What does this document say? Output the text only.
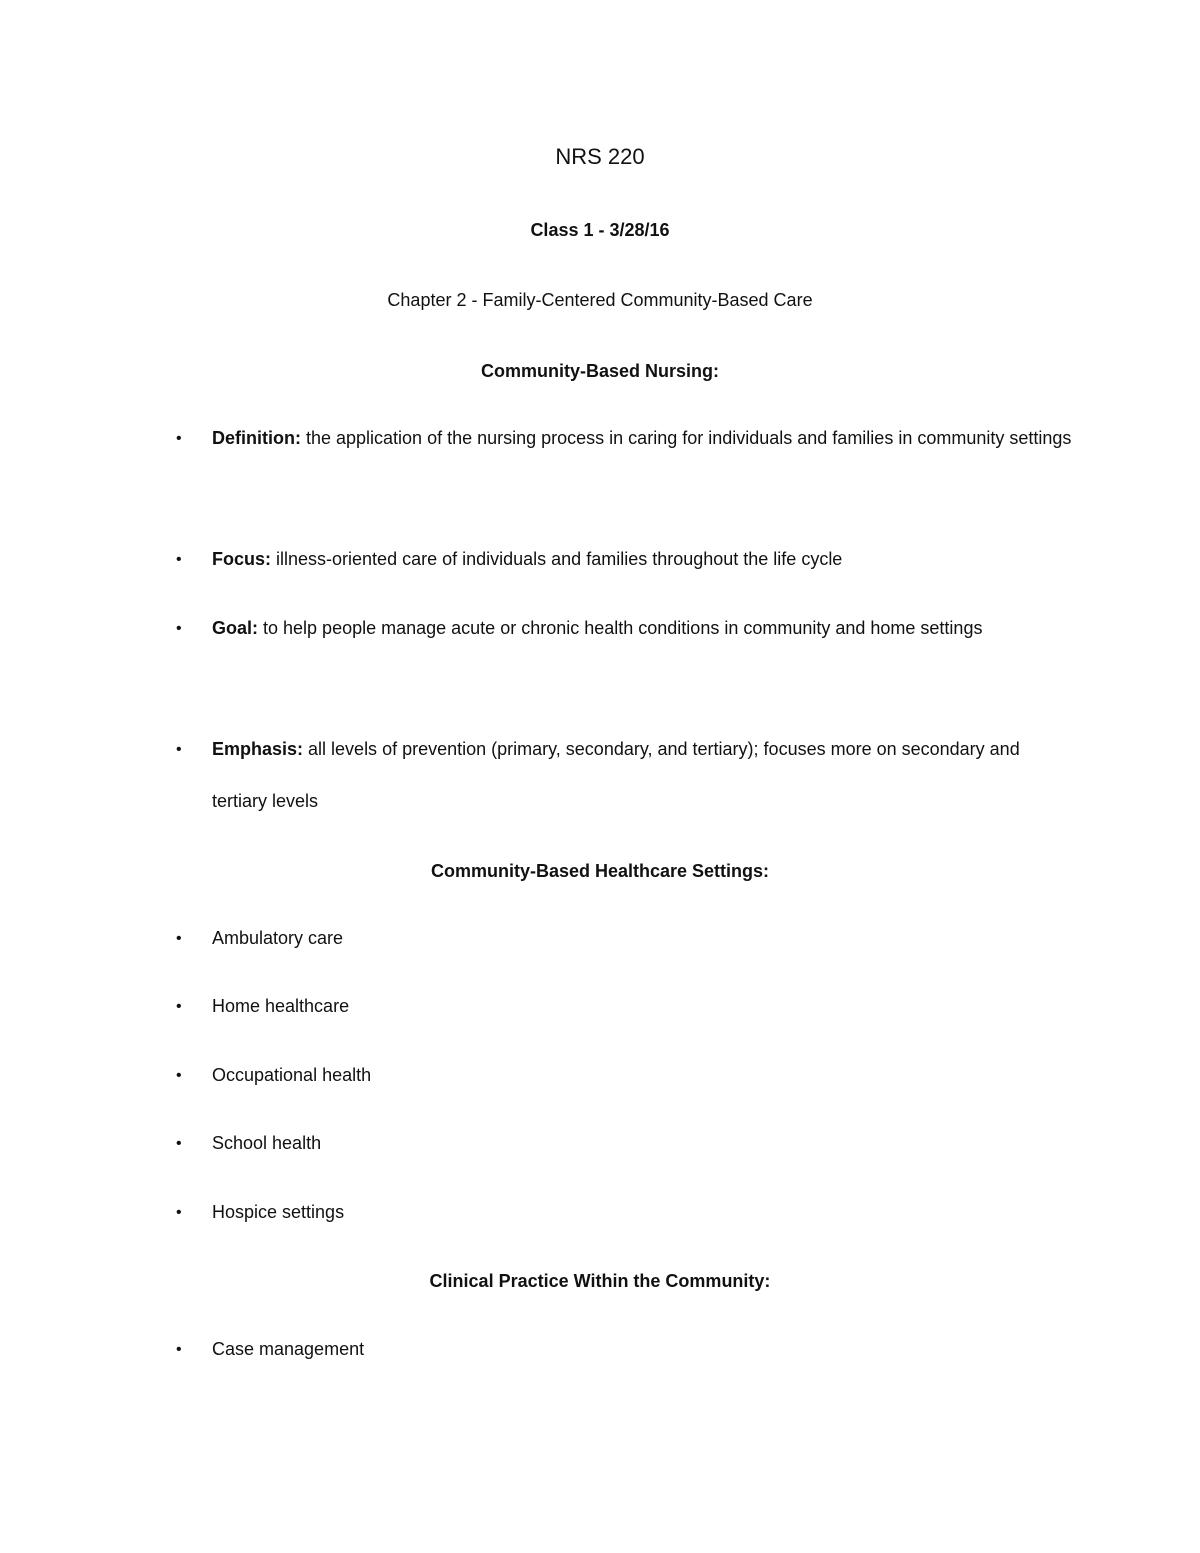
NRS 220
Class 1 - 3/28/16
Chapter 2 - Family-Centered Community-Based Care
Community-Based Nursing:
• Definition: the application of the nursing process in caring for individuals and families in community settings
• Focus: illness-oriented care of individuals and families throughout the life cycle
• Goal: to help people manage acute or chronic health conditions in community and home settings
• Emphasis: all levels of prevention (primary, secondary, and tertiary); focuses more on secondary and tertiary levels
Community-Based Healthcare Settings:
• Ambulatory care
• Home healthcare
• Occupational health
• School health
• Hospice settings
Clinical Practice Within the Community:
• Case management
